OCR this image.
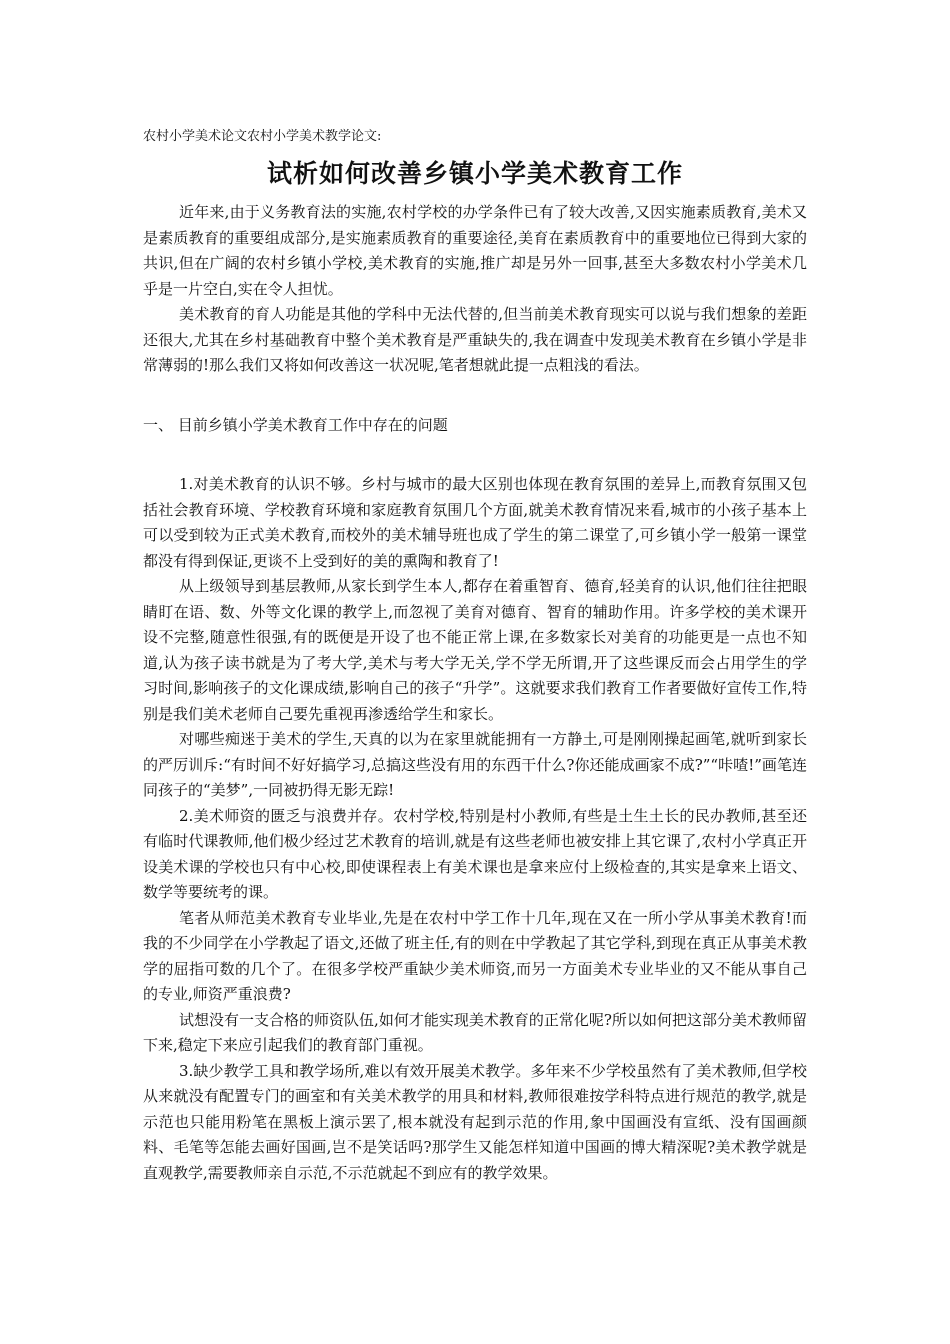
农村小学美术论文农村小学美术教学论文:
试析如何改善乡镇小学美术教育工作

近年来,由于义务教育法的实施,农村学校的办学条件已有了较大改善,又因实施素质教育,美术又是素质教育的重要组成部分,是实施素质教育的重要途径,美育在素质教育中的重要地位已得到大家的共识,但在广阔的农村乡镇小学校,美术教育的实施,推广却是另外一回事,甚至大多数农村小学美术几乎是一片空白,实在令人担忧。

美术教育的育人功能是其他的学科中无法代替的,但当前美术教育现实可以说与我们想象的差距还很大,尤其在乡村基础教育中整个美术教育是严重缺失的,我在调查中发现美术教育在乡镇小学是非常薄弱的!那么我们又将如何改善这一状况呢,笔者想就此提一点粗浅的看法。

一、 目前乡镇小学美术教育工作中存在的问题

1.对美术教育的认识不够。乡村与城市的最大区别也体现在教育氛围的差异上,而教育氛围又包括社会教育环境、学校教育环境和家庭教育氛围几个方面,就美术教育情况来看,城市的小孩子基本上可以受到较为正式美术教育,而校外的美术辅导班也成了学生的第二课堂了,可乡镇小学一般第一课堂都没有得到保证,更谈不上受到好的美的熏陶和教育了!

从上级领导到基层教师,从家长到学生本人,都存在着重智育、德育,轻美育的认识,他们往往把眼睛盯在语、数、外等文化课的教学上,而忽视了美育对德育、智育的辅助作用。许多学校的美术课开设不完整,随意性很强,有的既便是开设了也不能正常上课,在多数家长对美育的功能更是一点也不知道,认为孩子读书就是为了考大学,美术与考大学无关,学不学无所谓,开了这些课反而会占用学生的学习时间,影响孩子的文化课成绩,影响自己的孩子“升学”。这就要求我们教育工作者要做好宣传工作,特别是我们美术老师自己要先重视再渗透给学生和家长。

对哪些痴迷于美术的学生,天真的以为在家里就能拥有一方静土,可是刚刚操起画笔,就听到家长的严厉训斥:“有时间不好好搞学习,总搞这些没有用的东西干什么?你还能成画家不成?”“咔喳!”画笔连同孩子的“美梦”,一同被扔得无影无踪!

2.美术师资的匮乏与浪费并存。农村学校,特别是村小教师,有些是土生土长的民办教师,甚至还有临时代课教师,他们极少经过艺术教育的培训,就是有这些老师也被安排上其它课了,农村小学真正开设美术课的学校也只有中心校,即使课程表上有美术课也是拿来应付上级检查的,其实是拿来上语文、数学等要统考的课。

笔者从师范美术教育专业毕业,先是在农村中学工作十几年,现在又在一所小学从事美术教育!而我的不少同学在小学教起了语文,还做了班主任,有的则在中学教起了其它学科,到现在真正从事美术教学的屈指可数的几个了。在很多学校严重缺少美术师资,而另一方面美术专业毕业的又不能从事自己的专业,师资严重浪费?

试想没有一支合格的师资队伍,如何才能实现美术教育的正常化呢?所以如何把这部分美术教师留下来,稳定下来应引起我们的教育部门重视。

3.缺少教学工具和教学场所,难以有效开展美术教学。多年来不少学校虽然有了美术教师,但学校从来就没有配置专门的画室和有关美术教学的用具和材料,教师很难按学科特点进行规范的教学,就是示范也只能用粉笔在黑板上演示罢了,根本就没有起到示范的作用,象中国画没有宣纸、没有国画颜料、毛笔等怎能去画好国画,岂不是笑话吗?那学生又能怎样知道中国画的博大精深呢?美术教学就是直观教学,需要教师亲自示范,不示范就起不到应有的教学效果。
